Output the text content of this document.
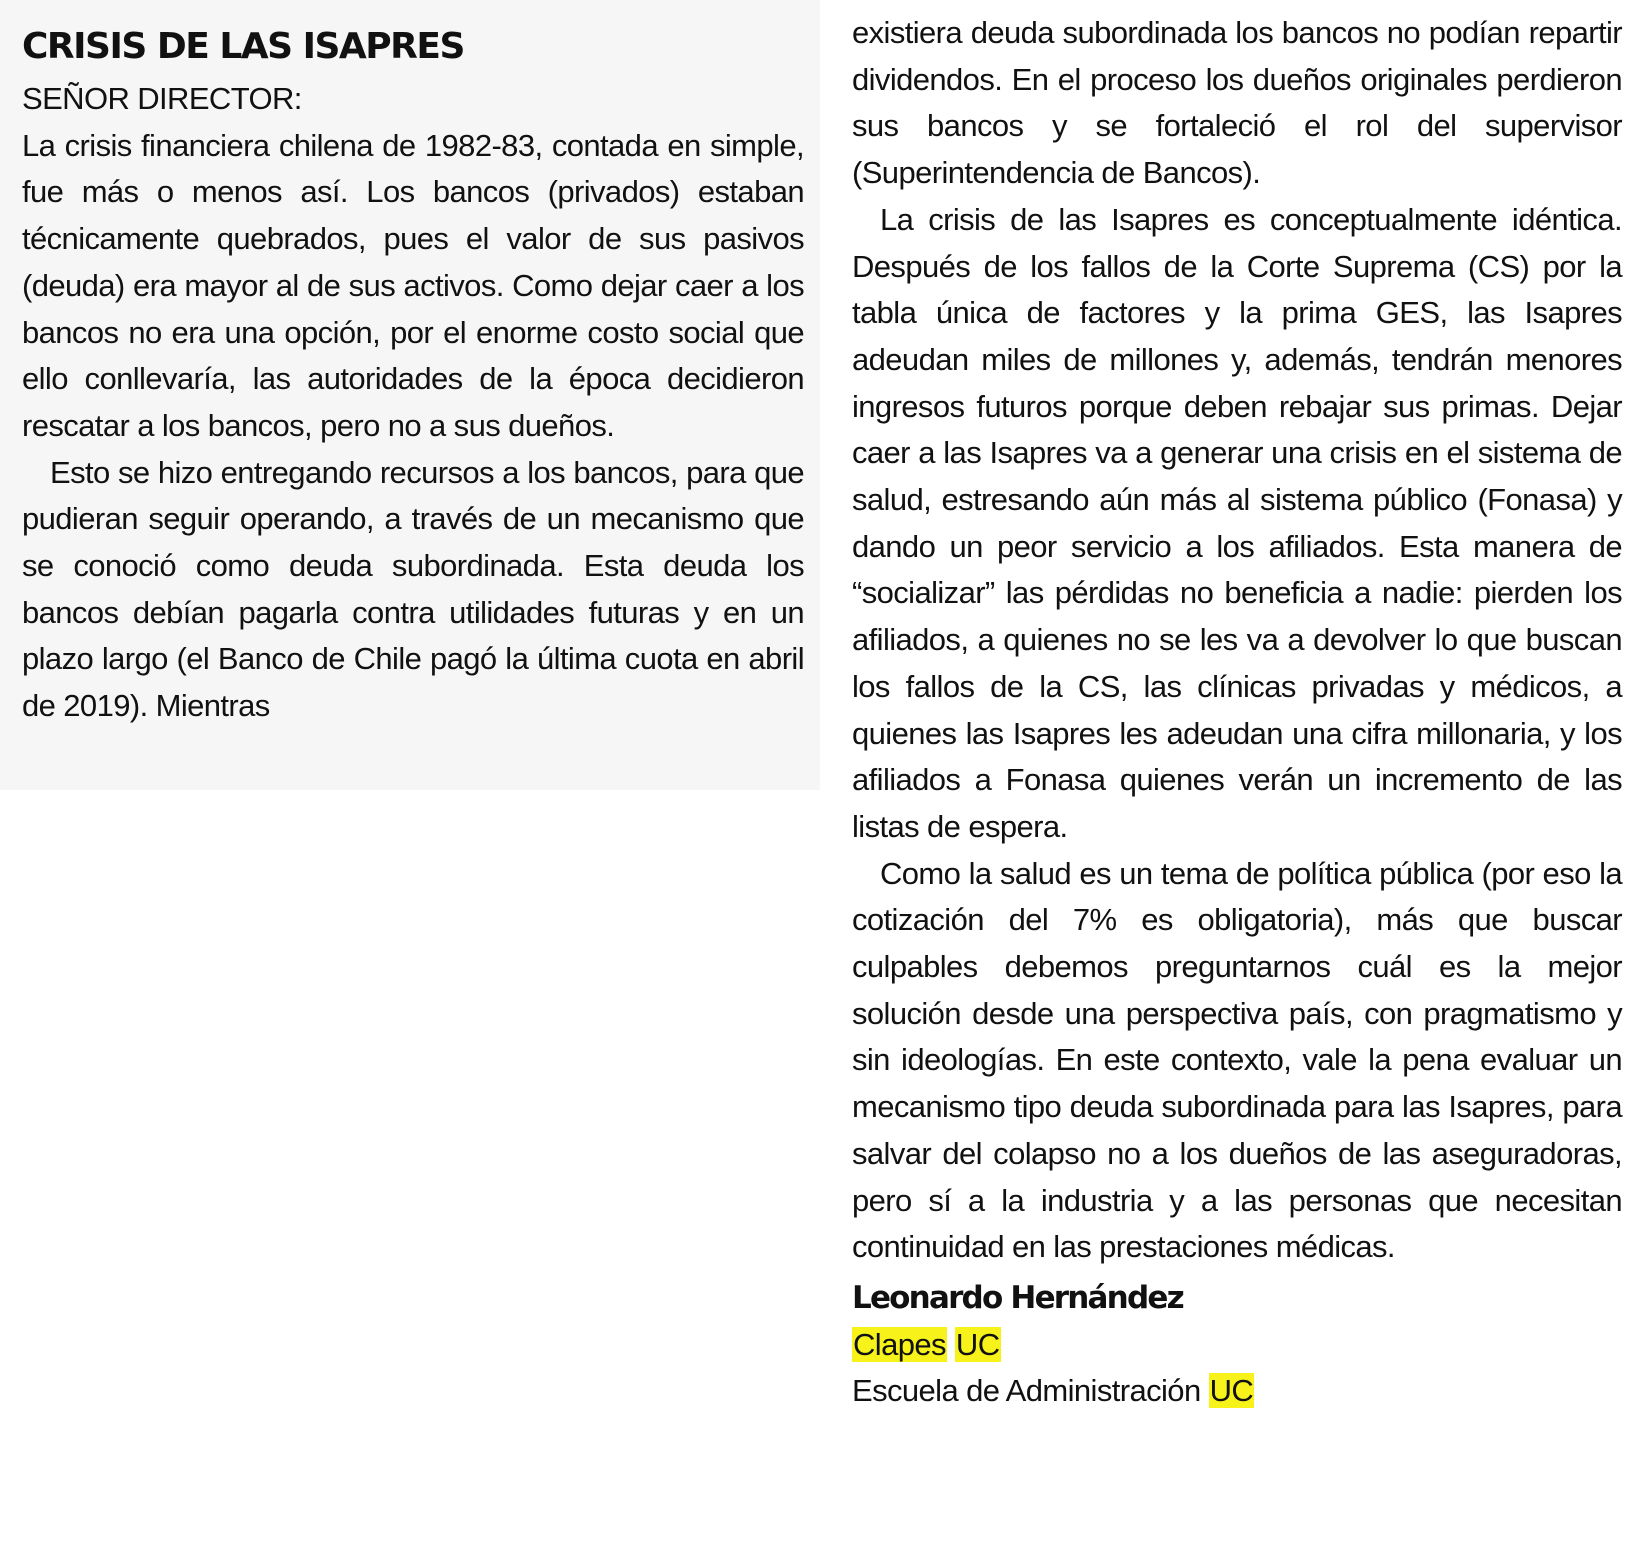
CRISIS DE LAS ISAPRES

SEÑOR DIRECTOR:

La crisis financiera chilena de 1982-83, contada en simple, fue más o menos así. Los bancos (privados) estaban técnicamente quebrados, pues el valor de sus pasivos (deuda) era mayor al de sus activos. Como dejar caer a los bancos no era una opción, por el enorme costo social que ello conllevaría, las autoridades de la época decidieron rescatar a los bancos, pero no a sus dueños.

Esto se hizo entregando recursos a los bancos, para que pudieran seguir operando, a través de un mecanismo que se conoció como deuda subordinada. Esta deuda los bancos debían pagarla contra utilidades futuras y en un plazo largo (el Banco de Chile pagó la última cuota en abril de 2019). Mientras

existiera deuda subordinada los bancos no podían repartir dividendos. En el proceso los dueños originales perdieron sus bancos y se fortaleció el rol del supervisor (Superintendencia de Bancos).

La crisis de las Isapres es conceptualmente idéntica. Después de los fallos de la Corte Suprema (CS) por la tabla única de factores y la prima GES, las Isapres adeudan miles de millones y, además, tendrán menores ingresos futuros porque deben rebajar sus primas. Dejar caer a las Isapres va a generar una crisis en el sistema de salud, estresando aún más al sistema público (Fonasa) y dando un peor servicio a los afiliados. Esta manera de “socializar” las pérdidas no beneficia a nadie: pierden los afiliados, a quienes no se les va a devolver lo que buscan los fallos de la CS, las clínicas privadas y médicos, a quienes las Isapres les adeudan una cifra millonaria, y los afiliados a Fonasa quienes verán un incremento de las listas de espera.

Como la salud es un tema de política pública (por eso la cotización del 7% es obligatoria), más que buscar culpables debemos preguntarnos cuál es la mejor solución desde una perspectiva país, con pragmatismo y sin ideologías. En este contexto, vale la pena evaluar un mecanismo tipo deuda subordinada para las Isapres, para salvar del colapso no a los dueños de las aseguradoras, pero sí a la industria y a las personas que necesitan continuidad en las prestaciones médicas.

Leonardo Hernández
Clapes UC
Escuela de Administración UC
